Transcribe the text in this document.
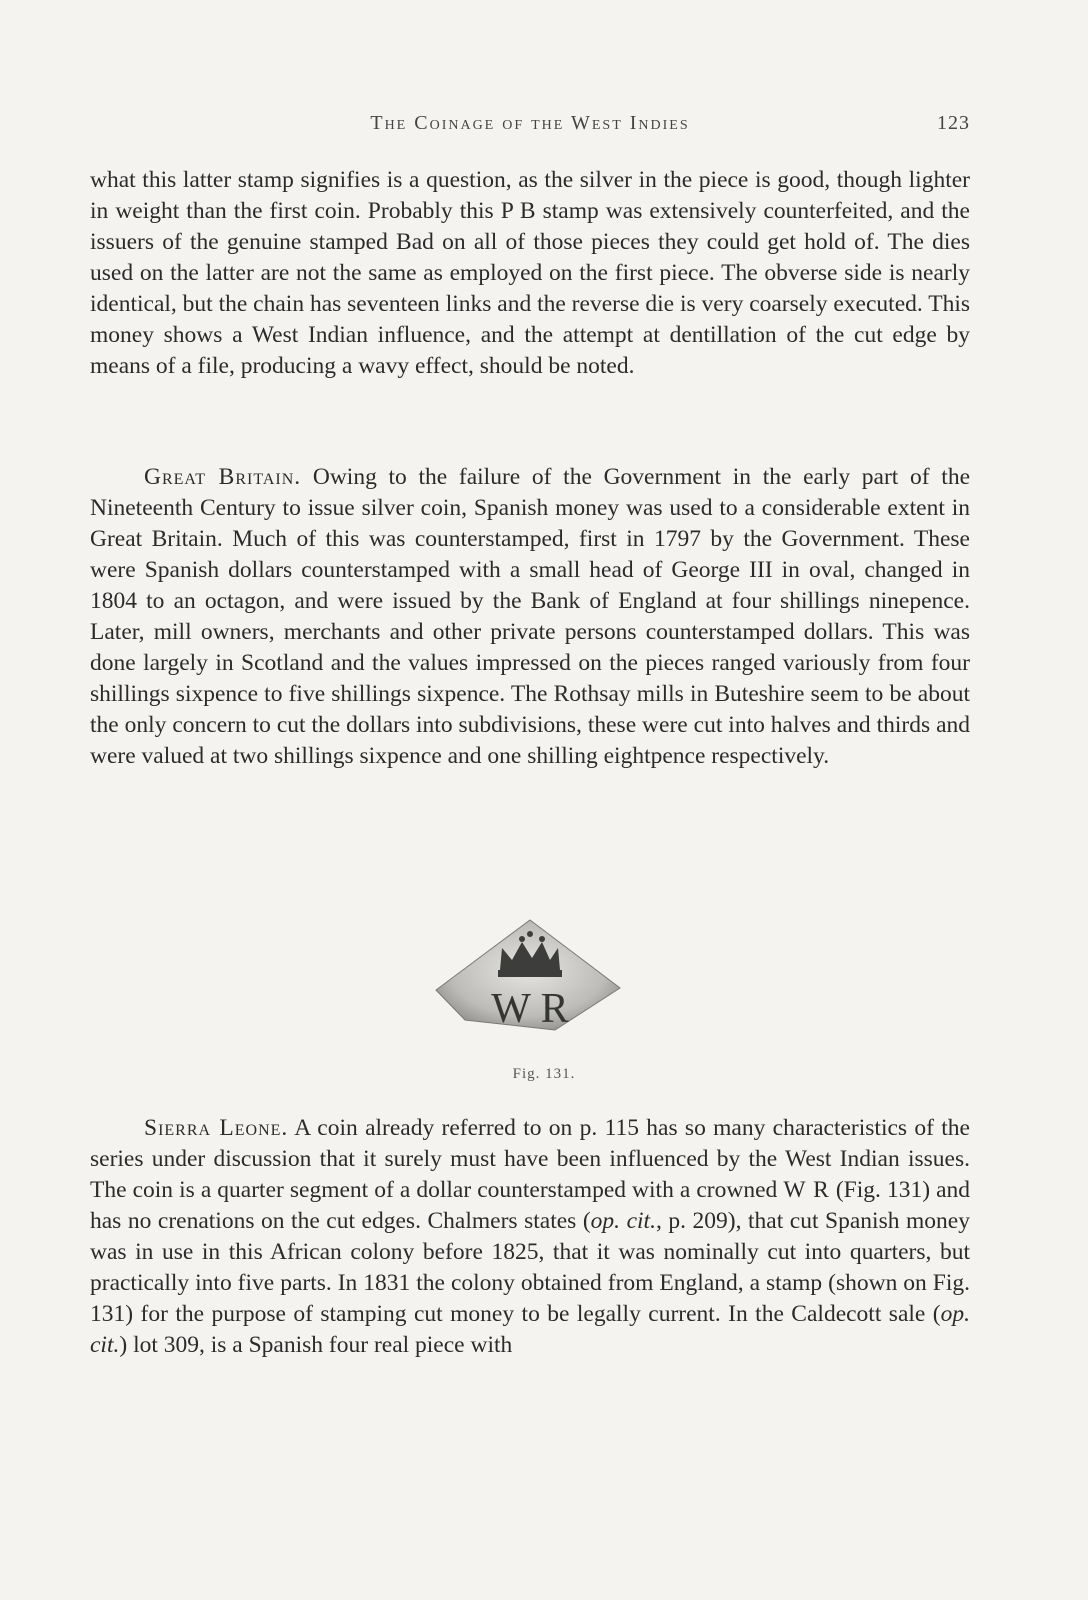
The Coinage of the West Indies	123

what this latter stamp signifies is a question, as the silver in the piece is good, though lighter in weight than the first coin. Probably this P B stamp was extensively counterfeited, and the issuers of the genuine stamped Bad on all of those pieces they could get hold of. The dies used on the latter are not the same as employed on the first piece. The obverse side is nearly identical, but the chain has seventeen links and the reverse die is very coarsely executed. This money shows a West Indian influence, and the attempt at dentillation of the cut edge by means of a file, producing a wavy effect, should be noted.

Great Britain. Owing to the failure of the Government in the early part of the Nineteenth Century to issue silver coin, Spanish money was used to a considerable extent in Great Britain. Much of this was counterstamped, first in 1797 by the Government. These were Spanish dollars counterstamped with a small head of George III in oval, changed in 1804 to an octagon, and were issued by the Bank of England at four shillings ninepence. Later, mill owners, merchants and other private persons counterstamped dollars. This was done largely in Scotland and the values impressed on the pieces ranged variously from four shillings sixpence to five shillings sixpence. The Rothsay mills in Buteshire seem to be about the only concern to cut the dollars into subdivisions, these were cut into halves and thirds and were valued at two shillings sixpence and one shilling eightpence respectively.

W R
Fig. 131.

Sierra Leone. A coin already referred to on p. 115 has so many characteristics of the series under discussion that it surely must have been influenced by the West Indian issues. The coin is a quarter segment of a dollar counterstamped with a crowned W R (Fig. 131) and has no crenations on the cut edges. Chalmers states (op. cit., p. 209), that cut Spanish money was in use in this African colony before 1825, that it was nominally cut into quarters, but practically into five parts. In 1831 the colony obtained from England, a stamp (shown on Fig. 131) for the purpose of stamping cut money to be legally current. In the Caldecott sale (op. cit.) lot 309, is a Spanish four real piece with
